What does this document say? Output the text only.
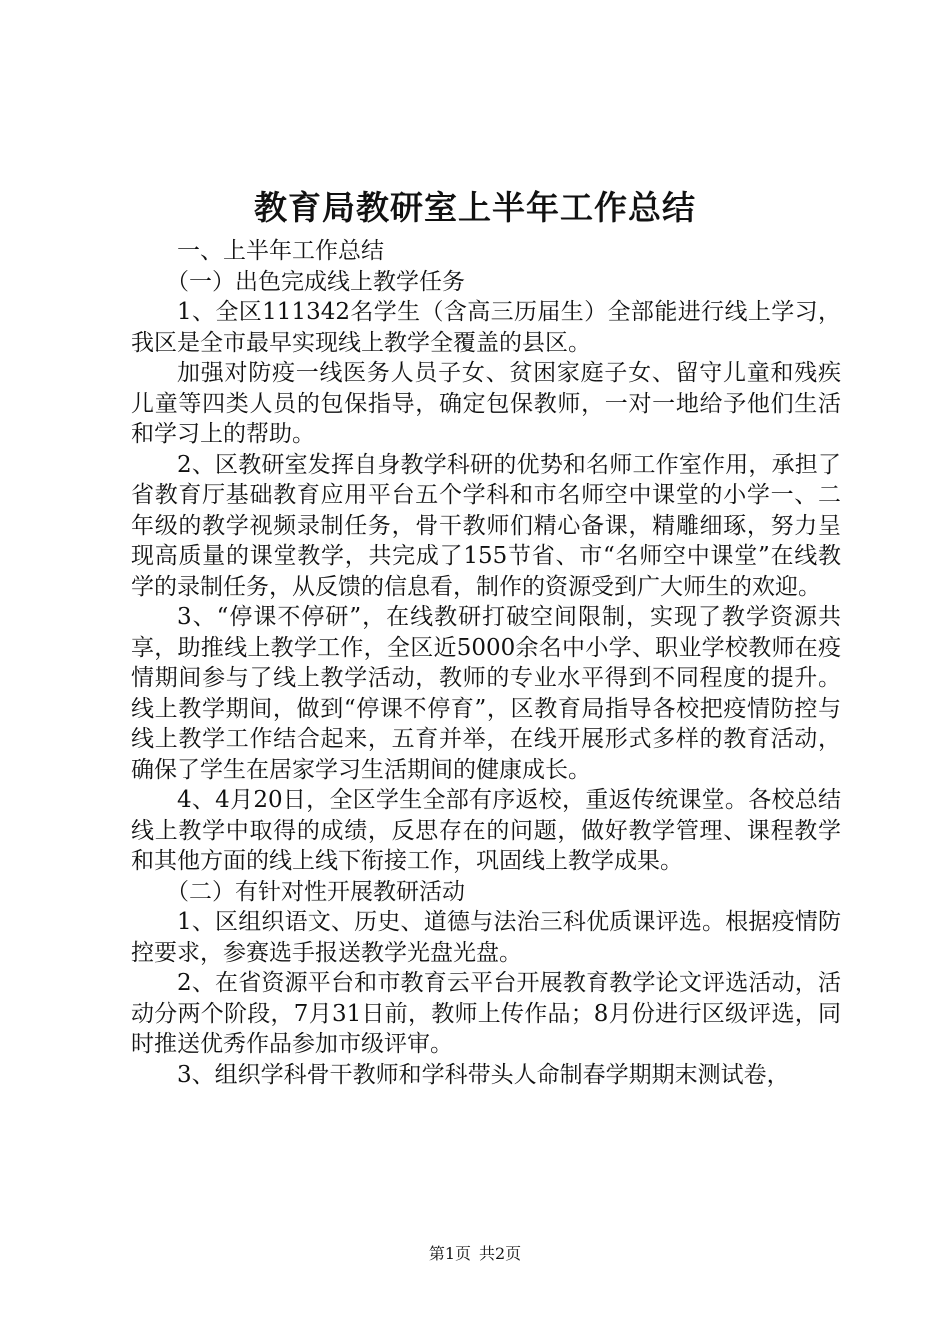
教育局教研室上半年工作总结

一、上半年工作总结

（一）出色完成线上教学任务

1、全区111342名学生（含高三历届生）全部能进行线上学习，我区是全市最早实现线上教学全覆盖的县区。

加强对防疫一线医务人员子女、贫困家庭子女、留守儿童和残疾儿童等四类人员的包保指导，确定包保教师，一对一地给予他们生活和学习上的帮助。

2、区教研室发挥自身教学科研的优势和名师工作室作用，承担了省教育厅基础教育应用平台五个学科和市名师空中课堂的小学一、二年级的教学视频录制任务，骨干教师们精心备课，精雕细琢，努力呈现高质量的课堂教学，共完成了155节省、市“名师空中课堂”在线教学的录制任务，从反馈的信息看，制作的资源受到广大师生的欢迎。

3、“停课不停研”，在线教研打破空间限制，实现了教学资源共享，助推线上教学工作，全区近5000余名中小学、职业学校教师在疫情期间参与了线上教学活动，教师的专业水平得到不同程度的提升。线上教学期间，做到“停课不停育”，区教育局指导各校把疫情防控与线上教学工作结合起来，五育并举，在线开展形式多样的教育活动，确保了学生在居家学习生活期间的健康成长。

4、4月20日，全区学生全部有序返校，重返传统课堂。各校总结线上教学中取得的成绩，反思存在的问题，做好教学管理、课程教学和其他方面的线上线下衔接工作，巩固线上教学成果。

（二）有针对性开展教研活动

1、区组织语文、历史、道德与法治三科优质课评选。根据疫情防控要求，参赛选手报送教学光盘光盘。

2、在省资源平台和市教育云平台开展教育教学论文评选活动，活动分两个阶段，7月31日前，教师上传作品；8月份进行区级评选，同时推送优秀作品参加市级评审。

3、组织学科骨干教师和学科带头人命制春学期期末测试卷，

第1页 共2页
